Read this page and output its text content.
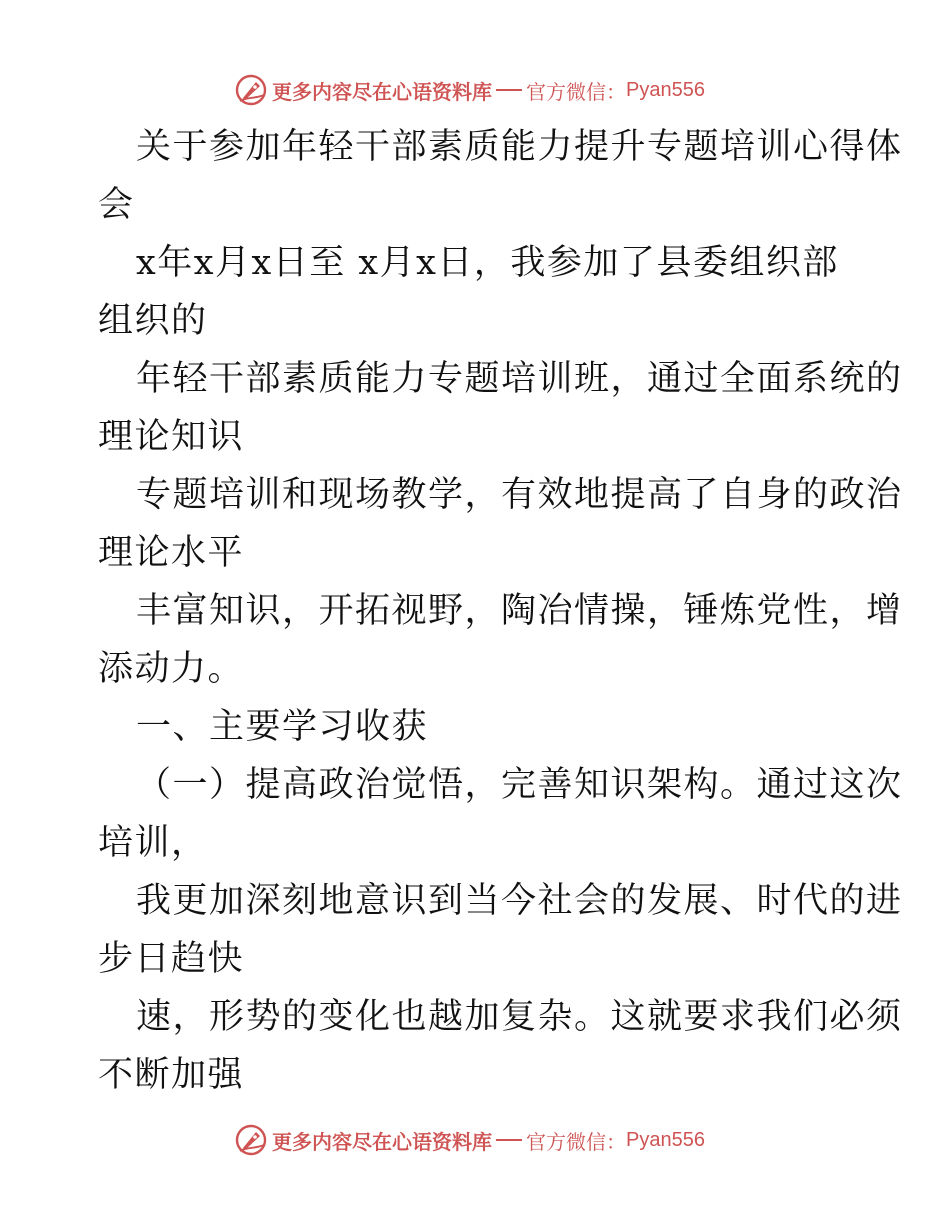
更多内容尽在心语资料库 官方微信： Pyan556
关于参加年轻干部素质能力提升专题培训心得体
会
x年x月x日至 x月x日，我参加了县委组织部
组织的
年轻干部素质能力专题培训班，通过全面系统的
理论知识
专题培训和现场教学，有效地提高了自身的政治
理论水平
丰富知识，开拓视野，陶冶情操，锤炼党性，增
添动力。
一、主要学习收获
（一）提高政治觉悟，完善知识架构。通过这次
培训，
我更加深刻地意识到当今社会的发展、时代的进
步日趋快
速，形势的变化也越加复杂。这就要求我们必须
不断加强
更多内容尽在心语资料库 官方微信： Pyan556
